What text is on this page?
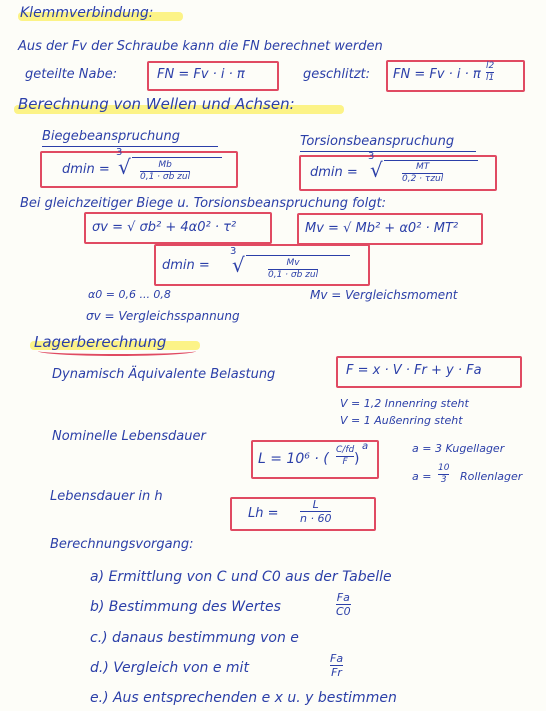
Klemmverbindung:
Aus der Fv der Schraube kann die FN berechnet werden
geteilte Nabe:	FN = Fv · i · π	geschlitzt: FN = Fv · i · π
l2
l1
Berechnung von Wellen und Achsen:
Biegebeanspruchung
dmin =
3
√	Mb
0,1 · σb zul
Torsionsbeanspruchung
dmin =
3
√	MT
0,2 · τzul
Bei gleichzeitiger Biege u. Torsionsbeanspruchung folgt:
σv = √ σb² + 4α0² · τ²	Mv = √ Mb² + α0² · MT²
dmin =
3
√	Mv
0,1 · σb zul
α0 = 0,6 ... 0,8	Mv = Vergleichsmoment
σv = Vergleichsspannung
Lagerberechnung
Dynamisch Äquivalente Belastung	F = x · V · Fr + y · Fa
V = 1,2 Innenring steht
V = 1 Außenring steht
Nominelle Lebensdauer
L = 10⁶ · (
C/fd
F )
a	a = 3 Kugellager
a =
10
3 Rollenlager
Lebensdauer in h
Lh =
L
n · 60
Berechnungsvorgang:
a) Ermittlung von C und C0 aus der Tabelle
b) Bestimmung des Wertes
Fa
C0
c.) danaus bestimmung von e
d.) Vergleich von e mit
Fa
Fr
e.) Aus entsprechenden e x u. y bestimmen
